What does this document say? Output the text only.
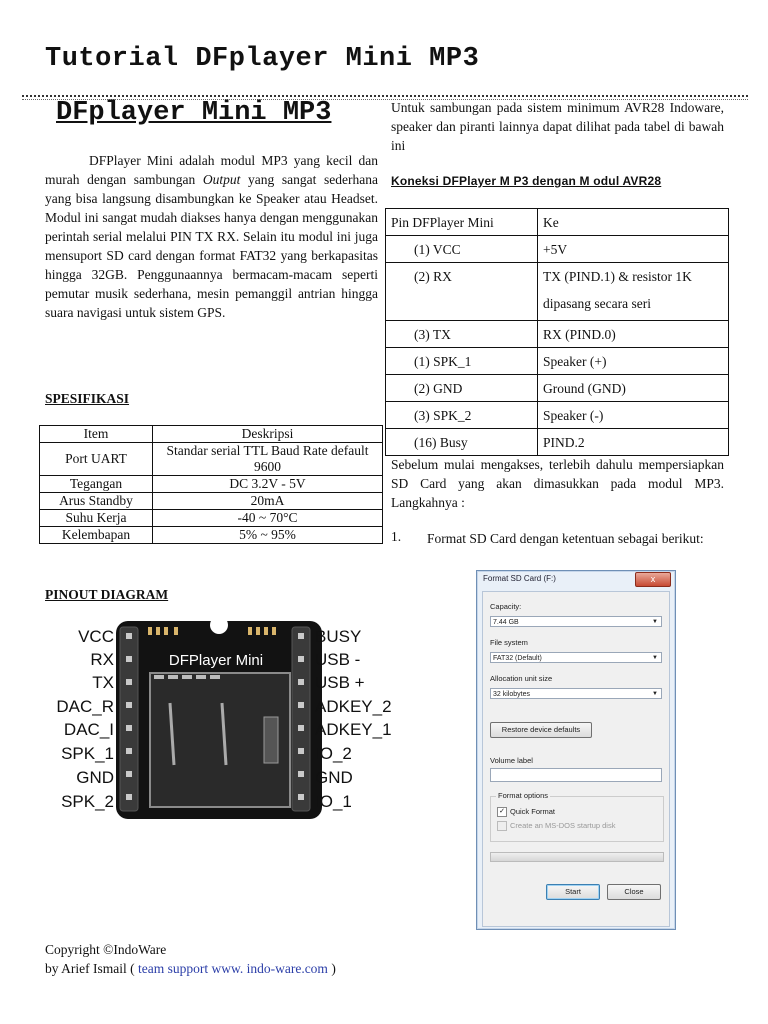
Tutorial DFplayer Mini MP3
DFplayer Mini MP3
DFPlayer Mini adalah modul MP3 yang kecil dan murah dengan sambungan Output yang sangat sederhana yang bisa langsung disambungkan ke Speaker atau Headset. Modul ini sangat mudah diakses hanya dengan menggunakan perintah serial melalui PIN TX RX. Selain itu modul ini juga mensuport SD card dengan format FAT32 yang berkapasitas hingga 32GB. Penggunaannya bermacam-macam seperti pemutar musik sederhana, mesin pemanggil antrian hingga suara navigasi untuk sistem GPS.
SPESIFIKASI
Item	Deskripsi
Port UART	Standar serial TTL Baud Rate default 9600
Tegangan	DC 3.2V - 5V
Arus Standby	20mA
Suhu Kerja	-40 ~ 70°C
Kelembapan	5% ~ 95%
PINOUT DIAGRAM
DFPlayer Mini
VCC
RX
TX
DAC_R
DAC_I
SPK_1
GND
SPK_2
BUSY
USB -
USB +
ADKEY_2
ADKEY_1
IO_2
GND
IO_1
Untuk sambungan pada sistem minimum AVR28 Indoware, speaker dan piranti lainnya dapat dilihat pada tabel di bawah ini
Koneksi DFPlayer M P3 dengan M odul AVR28
Pin DFPlayer Mini	Ke
(1) VCC	+5V
(2) RX	TX (PIND.1) & resistor 1K dipasang secara seri
(3) TX	RX (PIND.0)
(1) SPK_1	Speaker (+)
(2) GND	Ground (GND)
(3) SPK_2	Speaker (-)
(16) Busy	PIND.2
Sebelum mulai mengakses, terlebih dahulu mempersiapkan SD Card yang akan dimasukkan pada modul MP3. Langkahnya :
1. Format SD Card dengan ketentuan sebagai berikut:
Format SD Card (F:)	x
Capacity:
7.44 GB	▼
File system
FAT32 (Default)	▼
Allocation unit size
32 kilobytes	▼
Restore device defaults
Volume label
Format options
✓ Quick Format
Create an MS-DOS startup disk
Start	Close
Copyright ©IndoWare
by Arief Ismail ( team support www. indo-ware.com )
